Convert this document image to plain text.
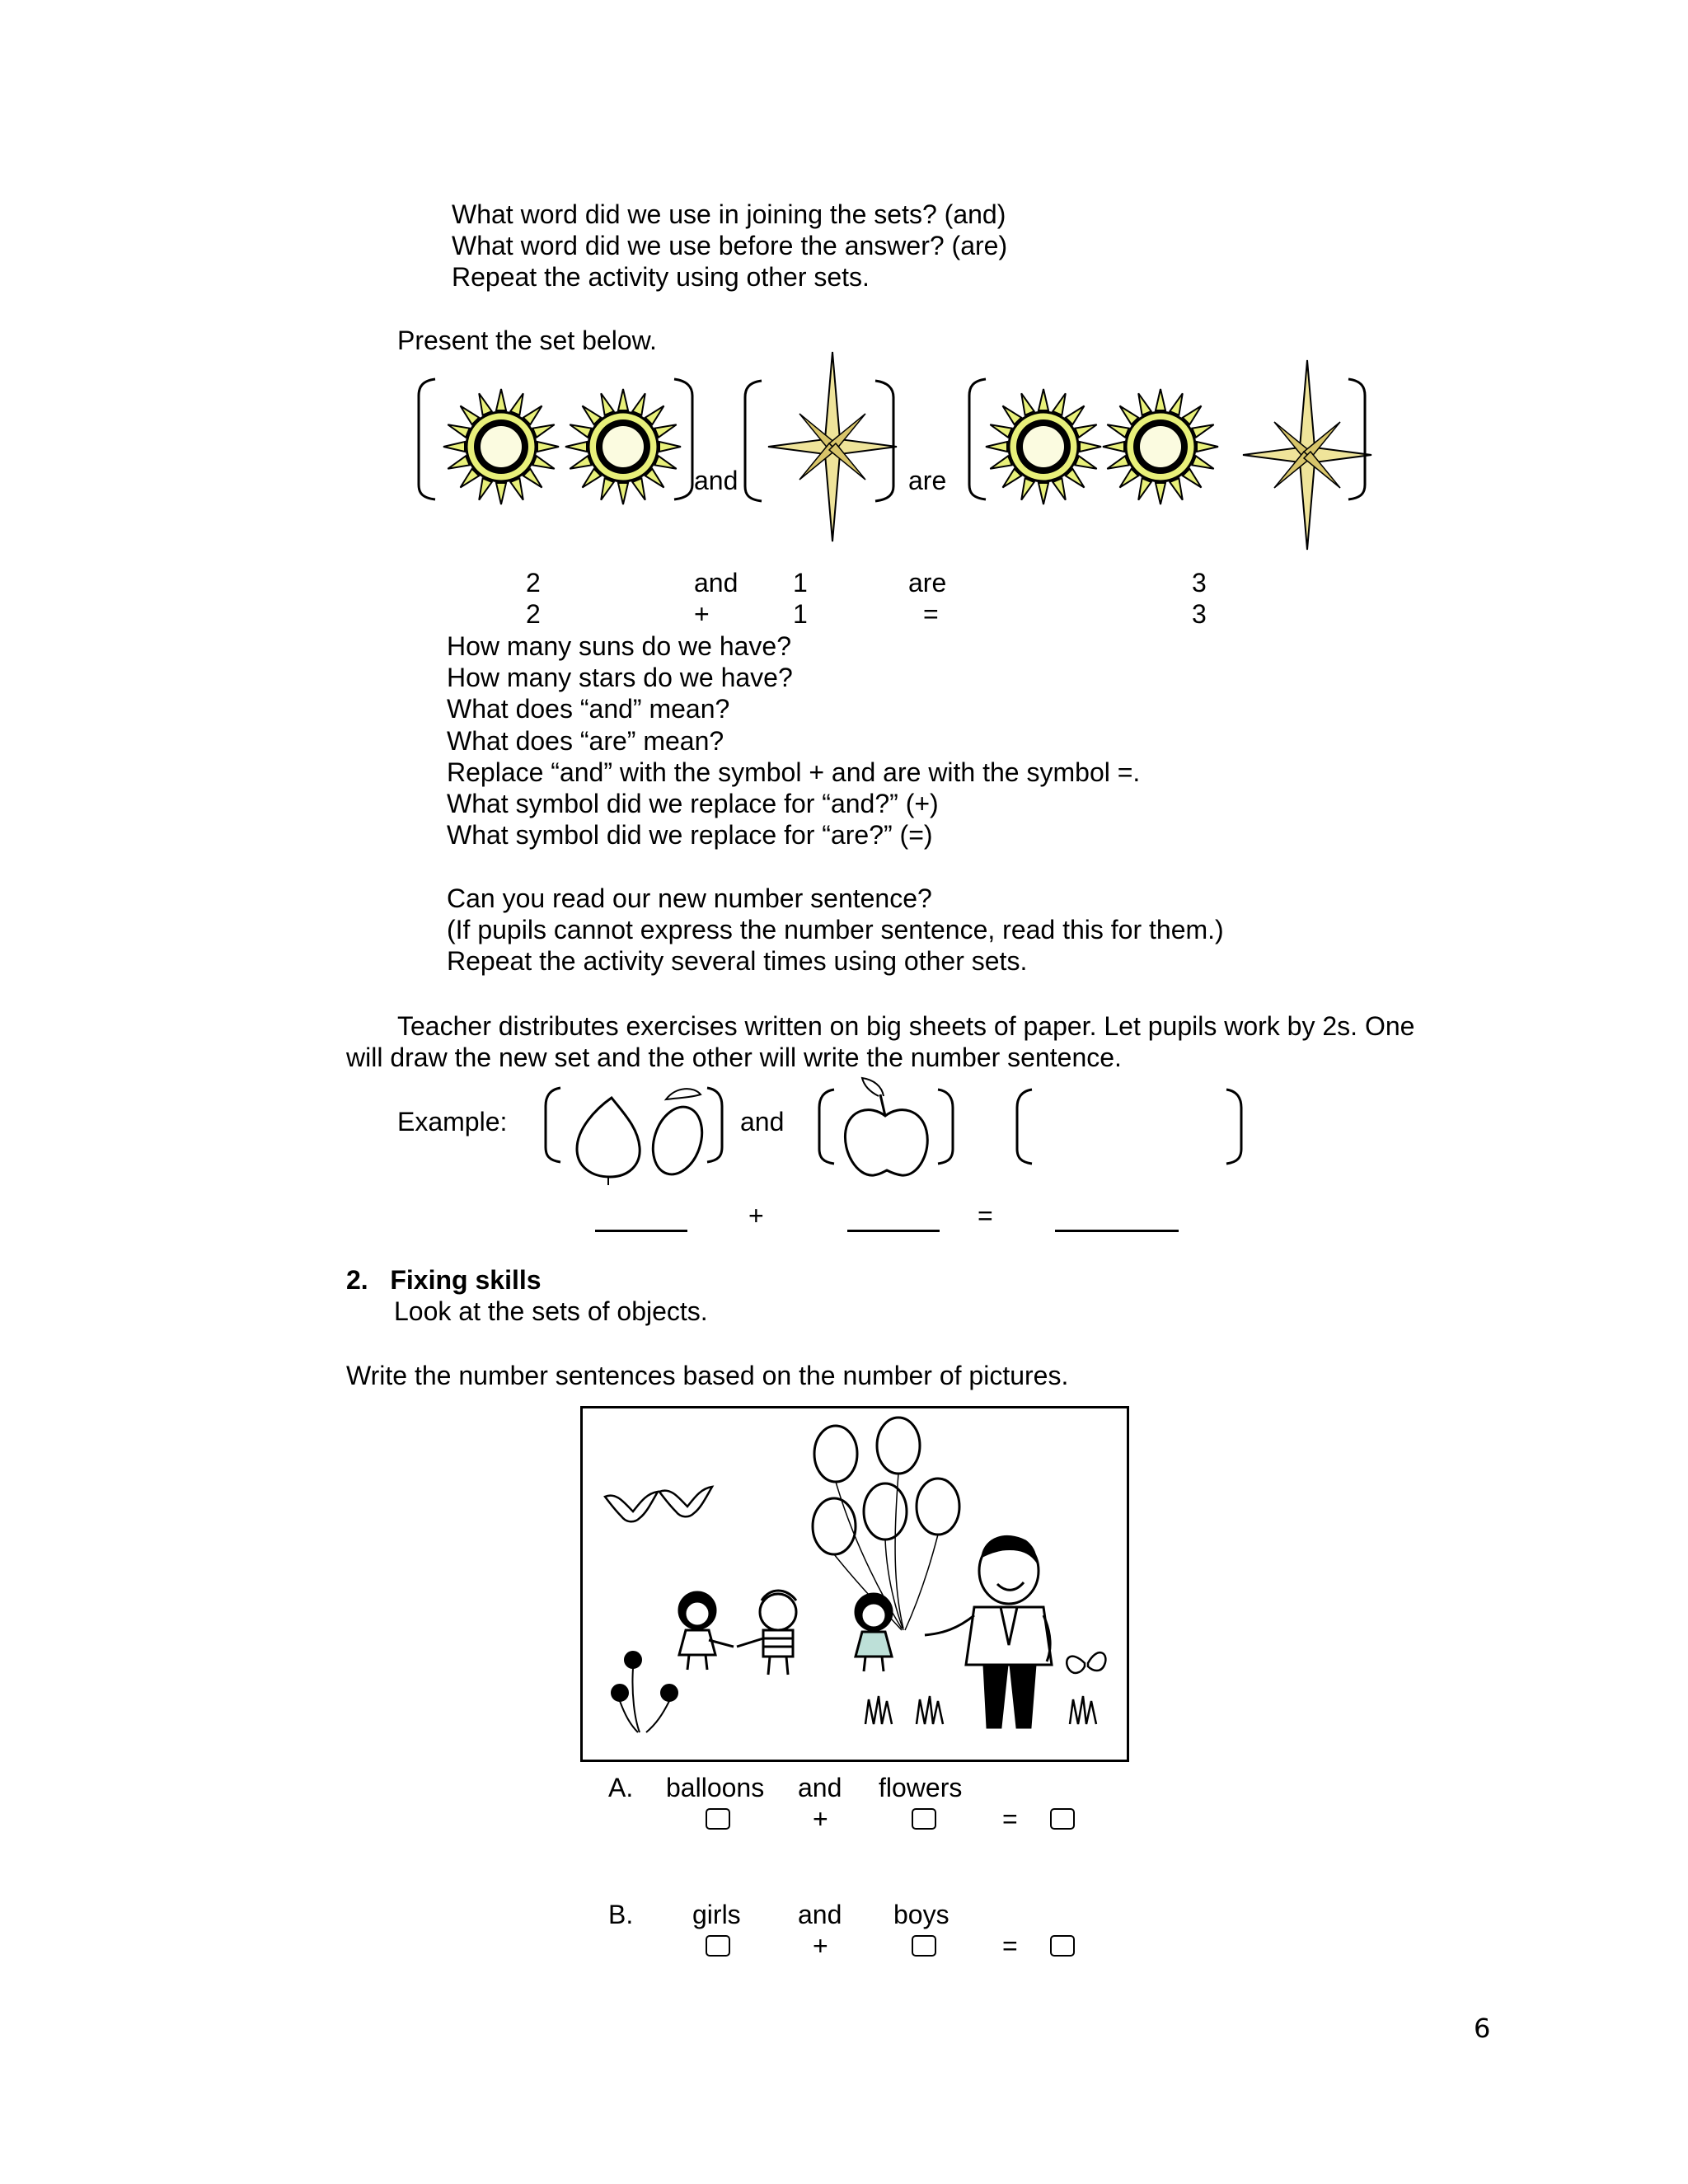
What word did we use in joining the sets? (and)
What word did we use before the answer? (are)
Repeat the activity using other sets.
Present the set below.
and	are
2	and 1	are	3
2	+	1	=	3
How many suns do we have?
How many stars do we have?
What does “and” mean?
What does “are” mean?
Replace “and” with the symbol + and are with the symbol =.
What symbol did we replace for “and?” (+)
What symbol did we replace for “are?” (=)
Can you read our new number sentence?
(If pupils cannot express the number sentence, read this for them.)
Repeat the activity several times using other sets.
Teacher distributes exercises written on big sheets of paper. Let pupils work by 2s. One
will draw the new set and the other will write the number sentence.
Example:	and
+	=
2.   Fixing skills
Look at the sets of objects.
Write the number sentences based on the number of pictures.
A. balloons and flowers
+	=
B. girls and boys
+	=
6
